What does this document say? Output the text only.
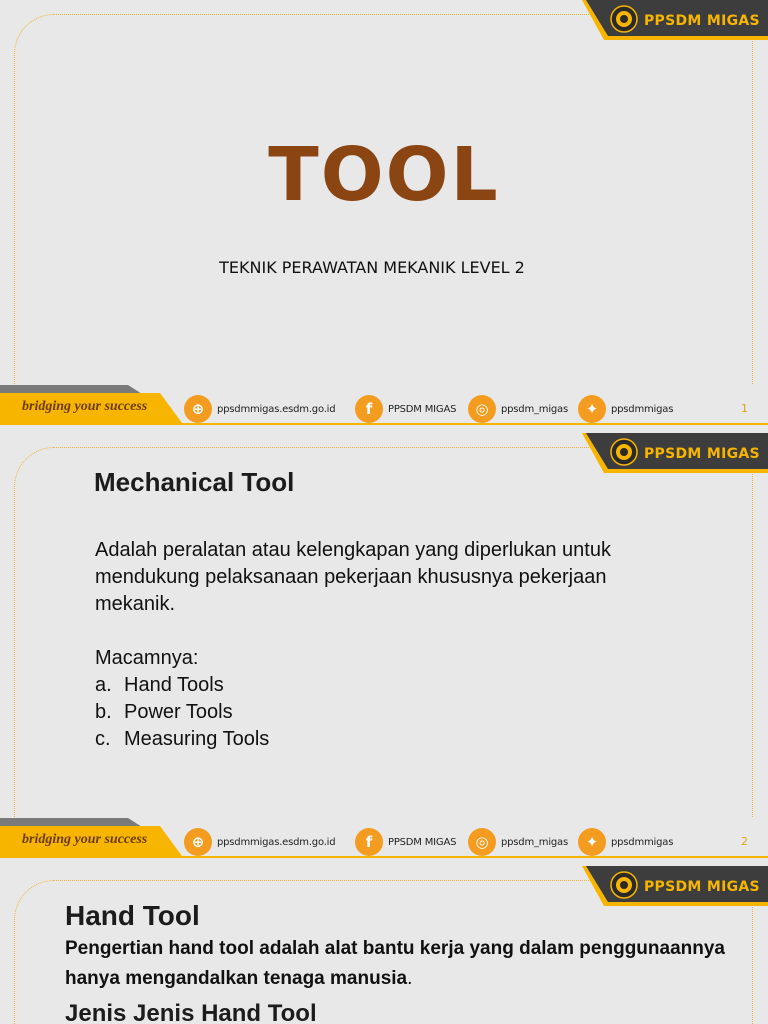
PPSDM MIGAS
TOOL
TEKNIK PERAWATAN MEKANIK LEVEL 2
bridging your success	⊕	ppsdmmigas.esdm.go.id	f	PPSDM MIGAS	◎	ppsdm_migas	✦	ppsdmmigas	1
PPSDM MIGAS
Mechanical Tool
Adalah peralatan atau kelengkapan yang diperlukan untuk mendukung pelaksanaan pekerjaan khususnya pekerjaan mekanik.
Macamnya:
a. Hand Tools
b. Power Tools
c. Measuring Tools
bridging your success	⊕	ppsdmmigas.esdm.go.id	f	PPSDM MIGAS	◎	ppsdm_migas	✦	ppsdmmigas	2
PPSDM MIGAS
Hand Tool
Pengertian hand tool adalah alat bantu kerja yang dalam penggunaannya hanya mengandalkan tenaga manusia.
Jenis Jenis Hand Tool
